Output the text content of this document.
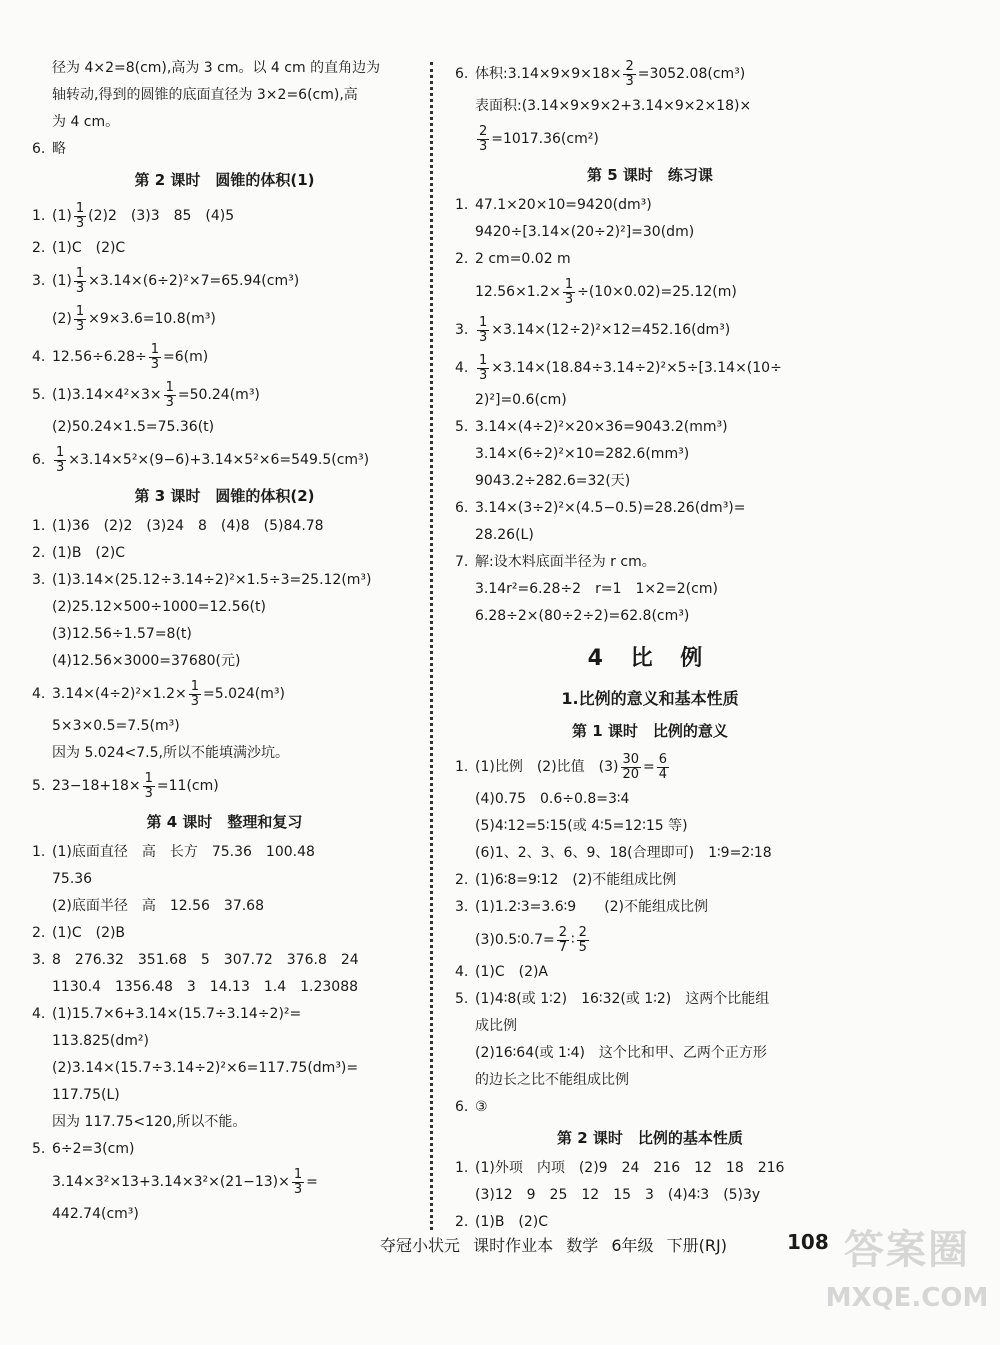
径为 4×2=8(cm),高为 3 cm。以 4 cm 的直角边为
轴转动,得到的圆锥的底面直径为 3×2=6(cm),高
为 4 cm。
6. 略
第 2 课时　圆锥的体积(1)
1. $(1) \frac{1}{3} (2)2$　(3)3　85　(4)5
2. (1)C　(2)C
3. $(1) \frac{1}{3} \times 3.14\times(6\div 2)^2\times 7=65.94(cm^3)$
$(2) \frac{1}{3} \times 9\times 3.6=10.8(m^3)$
4. $12.56\div 6.28\div \frac{1}{3} =6(m)$
5. $(1)3.14\times 4^2\times 3\times \frac{1}{3} =50.24(m^3)$
(2)50.24×1.5=75.36(t)
6. $\frac{1}{3} \times 3.14\times 5^2\times(9-6)+3.14\times 5^2\times 6=549.5(cm^3)$
第 3 课时　圆锥的体积(2)
1. (1)36　(2)2　(3)24　8　(4)8　(5)84.78
2. (1)B　(2)C
3. (1)3.14×(25.12÷3.14÷2)²×1.5÷3=25.12(m³)
(2)25.12×500÷1000=12.56(t)
(3)12.56÷1.57=8(t)
(4)12.56×3000=37680(元)
4. $3.14\times(4\div 2)^2\times 1.2\times \frac{1}{3} =5.024(m^3)$
5×3×0.5=7.5(m³)
因为 5.024<7.5,所以不能填满沙坑。
5. $23-18+18\times \frac{1}{3} =11(cm)$
第 4 课时　整理和复习
1. (1)底面直径　高　长方　75.36　100.48
75.36
(2)底面半径　高　12.56　37.68
2. (1)C　(2)B
3. 8　276.32　351.68　5　307.72　376.8　24
1130.4　1356.48　3　14.13　1.4　1.23088
4. (1)15.7×6+3.14×(15.7÷3.14÷2)²=
113.825(dm²)
(2)3.14×(15.7÷3.14÷2)²×6=117.75(dm³)=
117.75(L)
因为 117.75<120,所以不能。
5. 6÷2=3(cm)
$3.14\times 3^2\times 13+3.14\times 3^2\times(21-13)\times \frac{1}{3}$ =
442.74(cm³)
6. 体积:3.14×9×9×18× $\frac{2}{3} =3052.08(cm^3)$
表面积:(3.14×9×9×2+3.14×9×2×18)×
$\frac{2}{3} =1017.36(cm^2)$
第 5 课时　练习课
1. 47.1×20×10=9420(dm³)
9420÷[3.14×(20÷2)²]=30(dm)
2. 2 cm=0.02 m
$12.56\times 1.2\times \frac{1}{3} \div(10\times 0.02)=25.12(m)$
3. $\frac{1}{3} \times 3.14\times(12\div 2)^2\times 12=452.16(dm^3)$
4. $\frac{1}{3} \times 3.14\times(18.84\div 3.14\div 2)^2\times 5\div[3.14\times(10\div$
2)²]=0.6(cm)
5. 3.14×(4÷2)²×20×36=9043.2(mm³)
3.14×(6÷2)²×10=282.6(mm³)
9043.2÷282.6=32(天)
6. 3.14×(3÷2)²×(4.5−0.5)=28.26(dm³)=
28.26(L)
7. 解:设木料底面半径为 r cm。
3.14r²=6.28÷2　r=1　1×2=2(cm)
6.28÷2×(80÷2÷2)=62.8(cm³)
4 比 例
1.比例的意义和基本性质
第 1 课时　比例的意义
1. (1)比例　(2)比值　$(3) \frac{30}{20} = \frac{6}{4}$
(4)0.75　0.6÷0.8=3∶4
(5)4∶12=5∶15(或 4∶5=12∶15 等)
(6)1、2、3、6、9、18(合理即可)　1∶9=2∶18
2. (1)6∶8=9∶12　(2)不能组成比例
3. (1)1.2∶3=3.6∶9　　(2)不能组成比例
(3)0.5∶0.7= $\frac{2}{7}$ ∶ $\frac{2}{5}$
4. (1)C　(2)A
5. (1)4∶8(或 1∶2)　16∶32(或 1∶2)　这两个比能组
成比例
(2)16∶64(或 1∶4)　这个比和甲、乙两个正方形
的边长之比不能组成比例
6. ③
第 2 课时　比例的基本性质
1. (1)外项　内项　(2)9　24　216　12　18　216
(3)12　9　25　12　15　3　(4)4∶3　(5)3y
2. (1)B　(2)C
夺冠小状元 课时作业本 数学 6年级 下册(RJ)	108 答案圈
MXQE.COM
